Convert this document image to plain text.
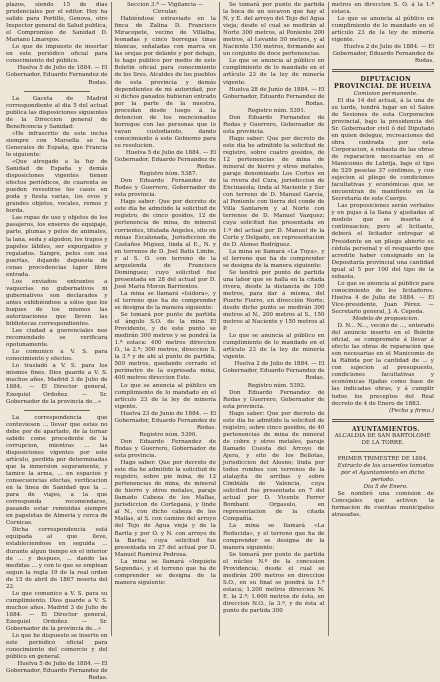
plazos, siendo 15 de dias prudenciales por el editor. Hoy ha salido para Portillo, Genova, otro Inspector general de Salud publica, el Compromiso de Sanidad D. Mariano Linarejos.

Lo que de impuesto de insertar en este periódico oficial para conocimiento del público.

Huelva 5 de Julio de 1884. — El Gobernador, Eduardo Fernandez de Rodas.

La Gaceta de Madrid correspondiente al dia 5 del actual publica las disposiciones siguientes de la Direccion general de Beneficencia y Sanidad:

«He infrascrito de este inclus siempre con Marsella se ha Generales de España, que Francia lo siguiente:

«Que atregado a la fuy de Sanidad de España y demás disposiciones vigentes tienen efectos periódicos, de cuarenta se pueden revestirse los casos en poda y fiesta varias, los ovos y grandes objetos, vocales, remos y borda.

Las ropas de uso y objetos de los pasajeros, los enseres de equipaje, parte, plumas y pelos de animales, la lana, seda y algodon, los trapos y papeles lábiles, ser expurgados y regalados. Sangre, pelos con sus puertas, dejando depuesta de cenas procedencias tapor libre entrada.

Los enviaños entrantes a vaquerías no gubernativos ni gubernativos son declarados y antes exhibiéndose a sólos que los buques de los mismos las autorizaciones que lleven las bibliotecas correspondientes.

Lee ciudad a guerenciales nee recomendado se verificara opotunamente.

Lo comunico a V. S. para conocimiento y efectos.

Lo trasladó a V. S. para los mismos fines. Dios guarde a V. S. muchos años. Madrid 3 de Julio de 1884. — El Director general, Ezequiel Ordoñez. — Sr. Gobernador de la provincia de...»

La correspondencia que contuviesen ... llevar que estas no debe por de apartado, de la tornar sabido como procedente de la corrupcion, mientras ... las disposiciones vigentes por este artículo, perdida por determinadas que la inmersion seguramente, y tamice la arma, ... en espacios y consecuencias efectas, verificacion en la linea de Sanidad que la ... para de viajes, a la que corresponda recomendarse, pasando estar remisidas siempre en papeletas de Almeria y cerca de Cornicas.

Dicha correspondencia está equipada al que lleve, estableciendose en seguida ... durante algun tiempo en el interior de ... y despues, ... dando las medidas ... y con lo que se emplean segun la regla 19 de la real orden de 15 de abril de 1867 inserta del 22.

Lo que comunico a V. S. para su cumplimiento. Dios guarde a V. S. muchos años. Madrid 3 de Julio de 1884. — El Director general, Ezequiel Ordoñez. — Sr. Gobernador de la provincia de...»

Lo que he dispuesto se inserte en este periódico oficial para conocimiento del comercio y del público en general.

Huelva 5 de Julio de 1884. — El Gobernador, Eduardo Fernandez de Rodas.

Seccion 3.ª — Vigilancia — Circular.

Habiéndose extraviado en la finca de Zalina D. Francisco Miracopete, vecino de Villalba, leonadas y cinco borregas tinas blancas, señaladas con marca en las orejas por delante y por debajo, lo hago publico por medio de este Boletin oficial para conocimiento de los Sres. Alcaldes de los pueblos de esta provincia y demás dependientes de mi autoridad, por si dichos ganados hubieran entrado por la parte de la nuestra, procedan desde luego á la detencion de los mencionados borregos con las personas que lo vayan custodiando, dando conocimiento á este Gobierno para su resolucion.

Huelva 5 de Julio de 1884. — El Gobernador, Eduardo Fernandez de Rodas.

Registro núm. 5387.

Don Eduardo Fernandez de Rodas y Guerrero, Gobernador de esta provincia.

Hago saber: Que por decreto de este dia he admitido la solicitud de registro, de cinco gosidos, 12 de pertenencia de mina, de mineral corrientes, titulada Angeles, sito en minas Escalonada, Jurisdiccion de Castaños Miguez, linda al E., N. y en terrenos de D. Joel Batis Limbe, y al S. O. con terreno de la arquelenda de Francisco Dominguez; cuyo solicitud fue presentada en 28 del actual por D. José Maria Moron Barrientos.

La mina se llamará «Isidora», y el terreno que ha de comprender se designa de la manera siguiente:

Se tomará por punto de partida el ángulo S.O. de la mina El Providente, y de este punto se medirán 300 metros y se pondrá la 1.ª estaca: 400 metros direccion O., la 2.ª; 300 metros, direccion S. la 3.ª y de ahi al punto de partida, 500 metros, quedando cerrado el perímetro de la espresada mina, 400 metros direccion Este.

Lo que se anuncia al público en cumplimiento de lo mandado en el artículo 23 de la ley de minería vigente.

Huelva 23 de Junio de 1884. — El Gobernador, Eduardo Fernandez de Rodas.

Registro núm. 5390.

Don Eduardo Fernandez de Rodas y Guerrero, Gobernador de esta provincia.

Hago saber: Que por decreto de este dia he admitido la solicitud de registro, sobre pie mina, de 12 pertenencias de mina, de mineral de hierro y otros metales, paraje llamado Cabeza de los Mallas, jurisdiccion de Cortegana, y linde al N., con dicho cabeza de los Mallas, al S. con camino del arroyo del Tejo de Agua vieja y de la Barita y por O. y N. con arroyo de la Barita; cuya solicitud fue presentada en 27 del actual por D. Manuel Ramirez Pedrosa.

La mina se llamará «Inquieta Segunda», y el terreno que ha de comprender se designa de la manera siguiente:

Se tomará por punto de partida la boca de un socavon que hay al N. y E. del arroyo del Tejo del Agua vieja; desde el cual se medirán al Norte 300 metros, al Poniente 200 metros, al Levante 50 metros, y al Naciente 150 metros, formando asi un conjunto de doce pertenencias.

Lo que se anuncia al público en cumplimiento de lo mandado en el artículo 23 de la ley de minería vigente.

Huelva 28 de Junio de 1884. — El Gobernador, Eduardo Fernandez de Rodas.

Registro núm. 5391.

Don Eduardo Fernandez de Rodas y Guerrero, Gobernador de esta provincia.

Hago saber: Que por decreto de este dia he admitido la solicitud de registro, sobre cuatro gosidos, de 12 pertenencias de mina de mineral de hierro y otros metales, paraje denominado Los Cortes en la rivera del Cura, jurisdiccion de Encinasola; linda al Naciente y Sur con terreno de D. Manuel García, al Poniente con tierra del conde de Villa Santarem y al Norte con terrenos de D. Manuel Vazquez; cuya solicitud fue presentada en 1.º del actual por D. Manuel de la Corte y Delgado, en representacion de D. Alonso Rodríguez.

La mina se llamará «La Tuya», y el terreno que ha de comprender se designa de la manera siguiente:

Se tendrá por punto de partida una labor que se halla en la citada rivera, desde la distancia de 100 metros, para dar á misma, del Puerto Fierro, en dirección Norte; desde dicho punto se medirán 300 metros al N., 200 metros al S., 150 metros al Naciente y 150 metros al P.

Lo que se anuncia al público en cumplimiento de lo mandado en el artículo 23 de la ley de minería vigente.

Huelva 2 de Julio de 1884. — El Gobernador, Eduardo Fernandez de Rodas.

Registro núm. 5392.

Don Eduardo Fernandez de Rodas y Guerrero, Gobernador de esta provincia.

Hago saber: Que por decreto de este dia he admitido la solicitud de registro, sobre cinco gosidos, de 40 pertenencias de mina de mineral de cobre y otros metales, paraje llamado Cuesta del Arroyo de Ajera, y sito de los Bellotas, jurisdiccion del Alosno; linda por todos rumbos con terrenos de la atalayita de arribas y sobre Cimbiáfa de Valencia, cuya solicitud fue presentada en 7 del actual por D. Vicente Ferrer Bombant Orgasulo, en representacion de la citada Compañía.

La mina se llamará «La Reducida», y el terreno que ha de comprender se designa de la manera siguiente:

Se tomará por punto de partida el núcleo N.º de la concesion Providencia; desde el cual se medirán 200 metros en direccion S.O., en su final se pondrá la 1.ª estaca; 1.200 metros direccion N. E. la 2.ª; 1.600 metros de ésta, en direccion N.O., la 3.ª, y de ésta al punto de partida 300

metros en direccion S. O. á la 1.ª estaca.

Lo que se anuncia al público en cumplimiento de lo mandado en el artículo 23 de la ley de minería vigente.

Huelva 2 de Julio de 1884. — El Gobernador, Eduardo Fernandez de Rodas.

DIPUTACION PROVINCIAL DE HUELVA

Comision permanente.

El dia 14 del actual, á la una de su tarde, tendrá lugar en el Salon de Sesiones de esta Corporacion provincial, bajo la presidencia del Sr. Gobernador civil ó del Diputado en quien delegue, recreaciones del obra contrada por esta Corporacion, á rebasta de las obras de reparacion necesarias en el Manicomio de Lebrija, bajo el tipo de 529 pesetas 37 céntimos, y con sujecion al pliego de condiciones facultativas y económicas que se encuentran de manifiesto en la Secretaría de este Cuerpo.

Las proposiciones serán verbales y en pujas á la llana y ajustadas al modelo que se inserta á continuacion; pero al licitante, deberá el licitador entregar al Presidente en un pliego abierto su cédula personal y el resguardo que acredite haber consignado en la Depositaría provincial una cantidad igual al 5 por 100 del tipo de la subasta.

Lo que se anuncia al público para conocimiento de los licitadores. Huelva 4 de Julio de 1884. — El Vice-presidente, Juan Pérez. — Secretario general, J. A. Cepeda.

Modelo de proposicion.

D. N... N..., vecino de ..., enterado del anuncio inserto en el Boletin oficial, se compromete á llevar á efecto las obras de reparacion que son necesarias en el Manicomio de la Rábida por la cantidad de ... y con sujecion al presupuesto, condiciones facultativas y económicas fijadas como base de las indicadas obras, y á cumplir todos los preceptos del Real decreto de 4 de Enero de 1883.

(Fecha y firma.)

AYUNTAMIENTOS.

ALCALDIA DE SAN BARTOLOMÉ DE LA TORRE.

PRIMER TRIMESTRE DE 1884.

Extracto de los acuerdos tomados por el Ayuntamiento en dicho periodo.

Dia 5 de Enero.

Se nombró una comision de Concejales que activen la formacion de cuentas municipales atrasadas.
